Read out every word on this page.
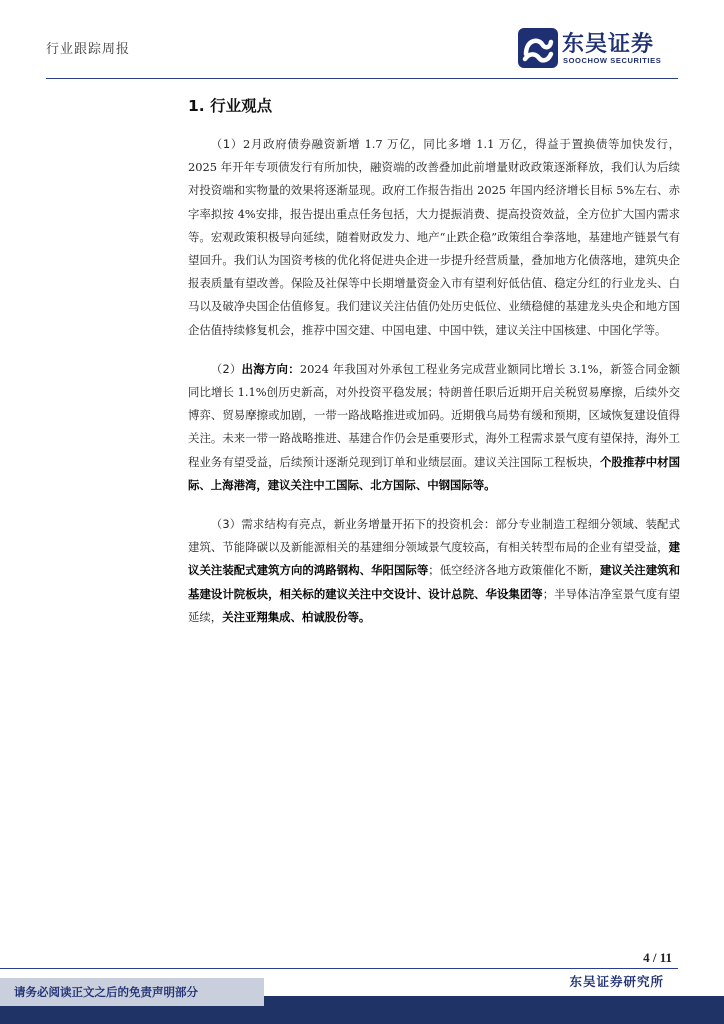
行业跟踪周报	东吴证券
SOOCHOW SECURITIES
1. 行业观点

（1）2月政府债券融资新增 1.7 万亿，同比多增 1.1 万亿，得益于置换债等加快发行，2025 年开年专项债发行有所加快，融资端的改善叠加此前增量财政政策逐渐释放，我们认为后续对投资端和实物量的效果将逐渐显现。政府工作报告指出 2025 年国内经济增长目标 5%左右、赤字率拟按 4%安排，报告提出重点任务包括，大力提振消费、提高投资效益，全方位扩大国内需求等。宏观政策积极导向延续，随着财政发力、地产“止跌企稳”政策组合拳落地，基建地产链景气有望回升。我们认为国资考核的优化将促进央企进一步提升经营质量，叠加地方化债落地，建筑央企报表质量有望改善。保险及社保等中长期增量资金入市有望利好低估值、稳定分红的行业龙头、白马以及破净央国企估值修复。我们建议关注估值仍处历史低位、业绩稳健的基建龙头央企和地方国企估值持续修复机会，推荐中国交建、中国电建、中国中铁，建议关注中国核建、中国化学等。

（2）出海方向：2024 年我国对外承包工程业务完成营业额同比增长 3.1%，新签合同金额同比增长 1.1%创历史新高，对外投资平稳发展；特朗普任职后近期开启关税贸易摩擦，后续外交博弈、贸易摩擦或加剧，一带一路战略推进或加码。近期俄乌局势有缓和预期，区域恢复建设值得关注。未来一带一路战略推进、基建合作仍会是重要形式，海外工程需求景气度有望保持，海外工程业务有望受益，后续预计逐渐兑现到订单和业绩层面。建议关注国际工程板块，个股推荐中材国际、上海港湾，建议关注中工国际、北方国际、中钢国际等。

（3）需求结构有亮点，新业务增量开拓下的投资机会：部分专业制造工程细分领域、装配式建筑、节能降碳以及新能源相关的基建细分领域景气度较高，有相关转型布局的企业有望受益，建议关注装配式建筑方向的鸿路钢构、华阳国际等；低空经济各地方政策催化不断，建议关注建筑和基建设计院板块，相关标的建议关注中交设计、设计总院、华设集团等；半导体洁净室景气度有望延续，关注亚翔集成、柏诚股份等。

4 / 11
东吴证券研究所
请务必阅读正文之后的免责声明部分
